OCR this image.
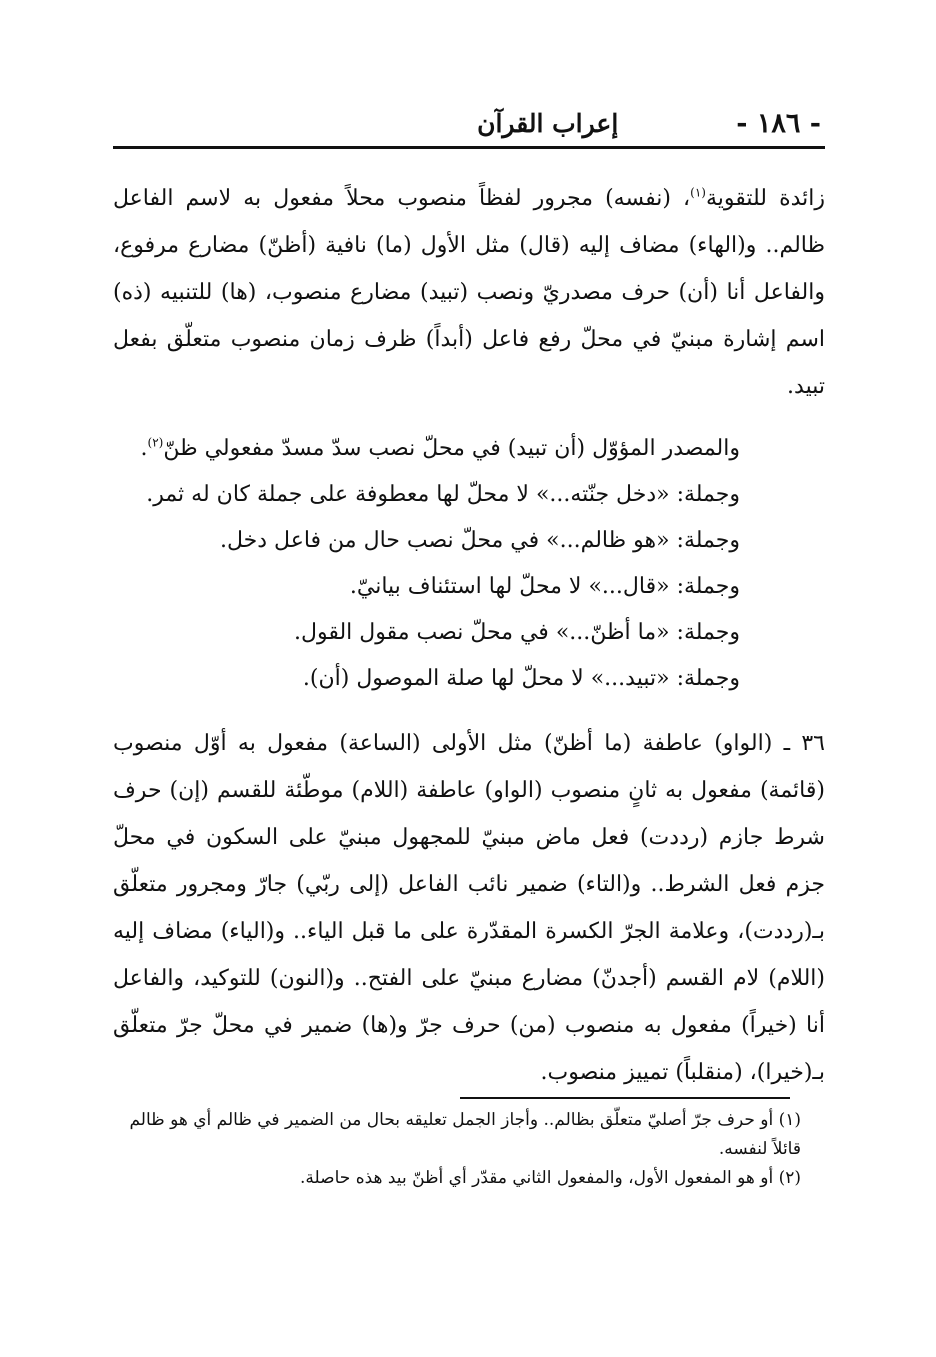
- ١٨٦ -
إعراب القرآن
زائدة للتقوية$^{(١)}$، (نفسه) مجرور لفظاً منصوب محلاً مفعول به لاسم الفاعل ظالم.. و(الهاء) مضاف إليه (قال) مثل الأول (ما) نافية (أظنّ) مضارع مرفوع، والفاعل أنا (أن) حرف مصدريّ ونصب (تبيد) مضارع منصوب، (ها) للتنبيه (ذه) اسم إشارة مبنيّ في محلّ رفع فاعل (أبداً) ظرف زمان منصوب متعلّق بفعل تبيد.
والمصدر المؤوّل (أن تبيد) في محلّ نصب سدّ مسدّ مفعولي ظنّ$^{(٢)}$.
وجملة: «دخل جنّته...» لا محلّ لها معطوفة على جملة كان له ثمر.
وجملة: «هو ظالم...» في محلّ نصب حال من فاعل دخل.
وجملة: «قال...» لا محلّ لها استئناف بيانيّ.
وجملة: «ما أظنّ...» في محلّ نصب مقول القول.
وجملة: «تبيد...» لا محلّ لها صلة الموصول (أن).
٣٦ ـ (الواو) عاطفة (ما أظنّ) مثل الأولى (الساعة) مفعول به أوّل منصوب (قائمة) مفعول به ثانٍ منصوب (الواو) عاطفة (اللام) موطّئة للقسم (إن) حرف شرط جازم (رددت) فعل ماض مبنيّ للمجهول مبنيّ على السكون في محلّ جزم فعل الشرط.. و(التاء) ضمير نائب الفاعل (إلى ربّي) جارّ ومجرور متعلّق بـ(رددت)، وعلامة الجرّ الكسرة المقدّرة على ما قبل الياء.. و(الياء) مضاف إليه (اللام) لام القسم (أجدنّ) مضارع مبنيّ على الفتح.. و(النون) للتوكيد، والفاعل أنا (خيراً) مفعول به منصوب (من) حرف جرّ و(ها) ضمير في محلّ جرّ متعلّق بـ(خيرا)، (منقلباً) تمييز منصوب.
(١) أو حرف جرّ أصليّ متعلّق بظالم.. وأجاز الجمل تعليقه بحال من الضمير في ظالم أي هو ظالم قائلاً لنفسه.
(٢) أو هو المفعول الأول، والمفعول الثاني مقدّر أي أظنّ بيد هذه حاصلة.
